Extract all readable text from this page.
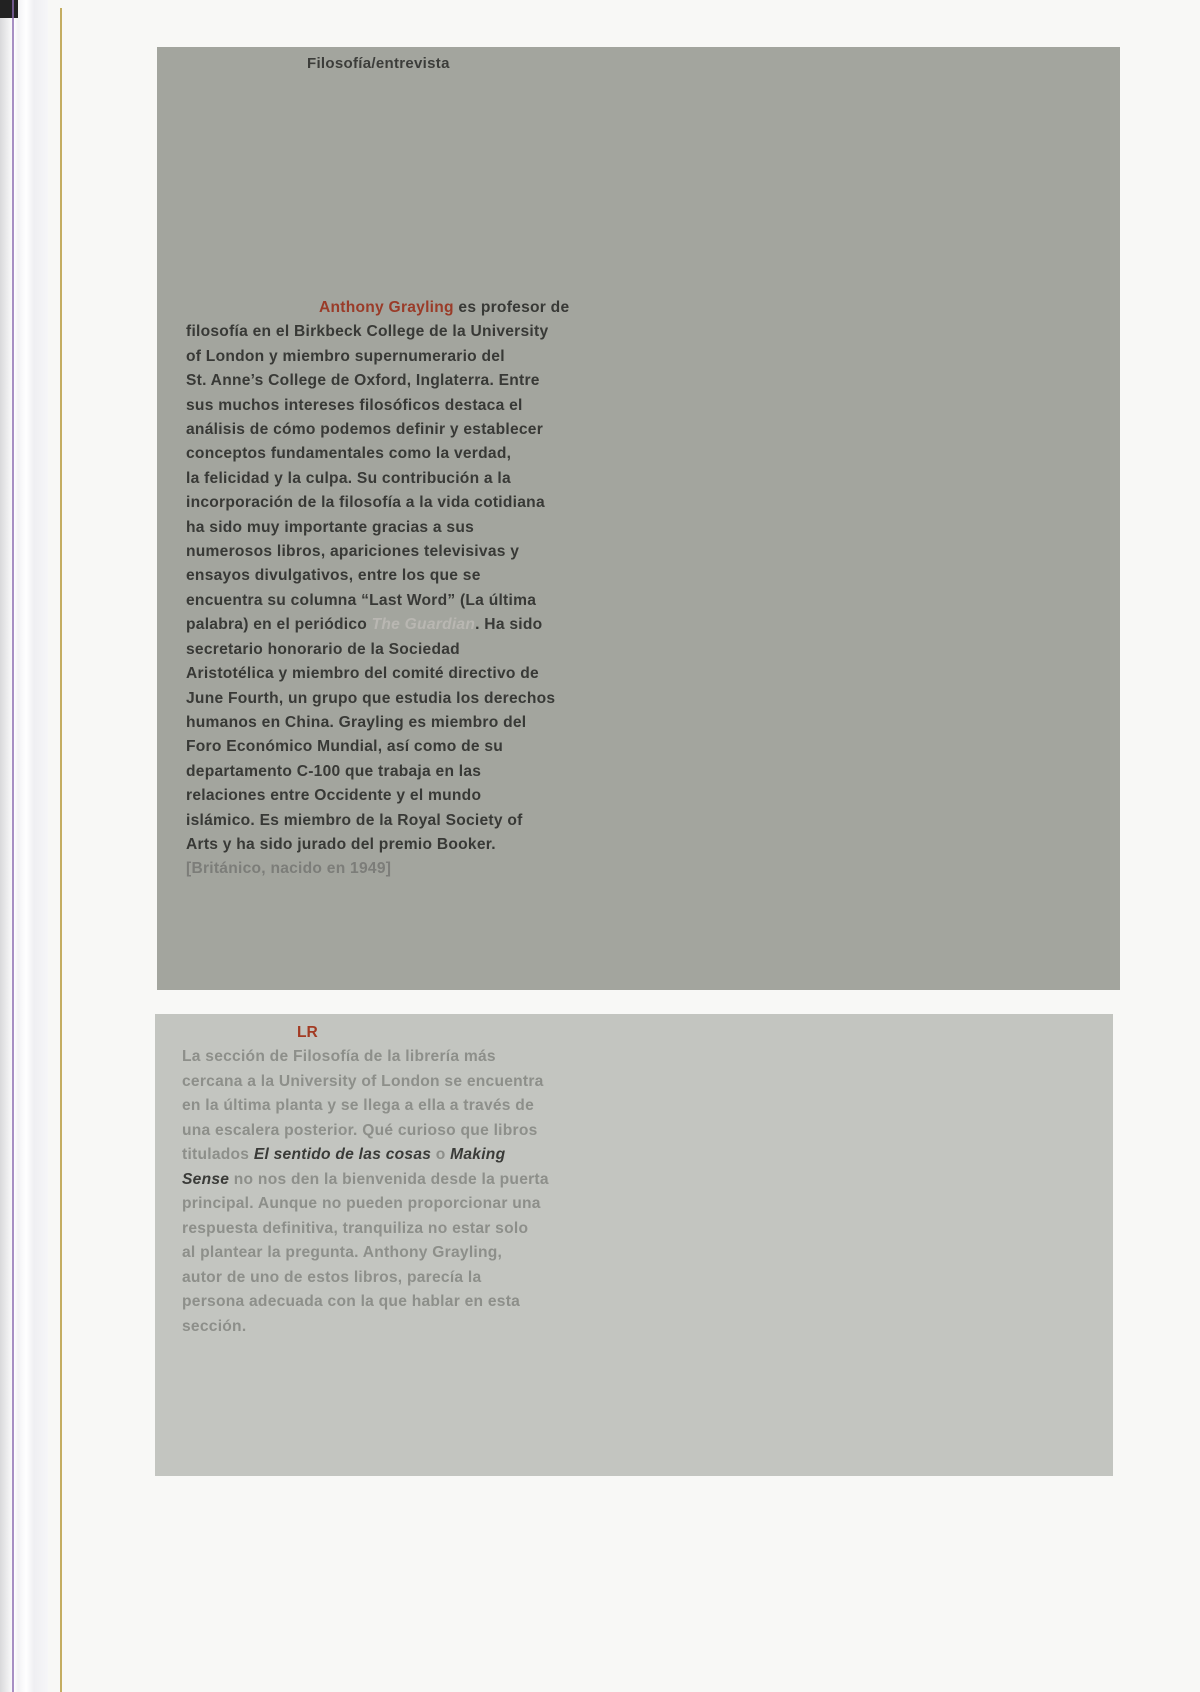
Filosofía/entrevista
Anthony Grayling es profesor de
filosofía en el Birkbeck College de la University
of London y miembro supernumerario del
St. Anne’s College de Oxford, Inglaterra. Entre
sus muchos intereses filosóficos destaca el
análisis de cómo podemos definir y establecer
conceptos fundamentales como la verdad,
la felicidad y la culpa. Su contribución a la
incorporación de la filosofía a la vida cotidiana
ha sido muy importante gracias a sus
numerosos libros, apariciones televisivas y
ensayos divulgativos, entre los que se
encuentra su columna “Last Word” (La última
palabra) en el periódico The Guardian. Ha sido
secretario honorario de la Sociedad
Aristotélica y miembro del comité directivo de
June Fourth, un grupo que estudia los derechos
humanos en China. Grayling es miembro del
Foro Económico Mundial, así como de su
departamento C-100 que trabaja en las
relaciones entre Occidente y el mundo
islámico. Es miembro de la Royal Society of
Arts y ha sido jurado del premio Booker.
[Británico, nacido en 1949]
LR
La sección de Filosofía de la librería más
cercana a la University of London se encuentra
en la última planta y se llega a ella a través de
una escalera posterior. Qué curioso que libros
titulados El sentido de las cosas o Making
Sense no nos den la bienvenida desde la puerta
principal. Aunque no pueden proporcionar una
respuesta definitiva, tranquiliza no estar solo
al plantear la pregunta. Anthony Grayling,
autor de uno de estos libros, parecía la
persona adecuada con la que hablar en esta
sección.
